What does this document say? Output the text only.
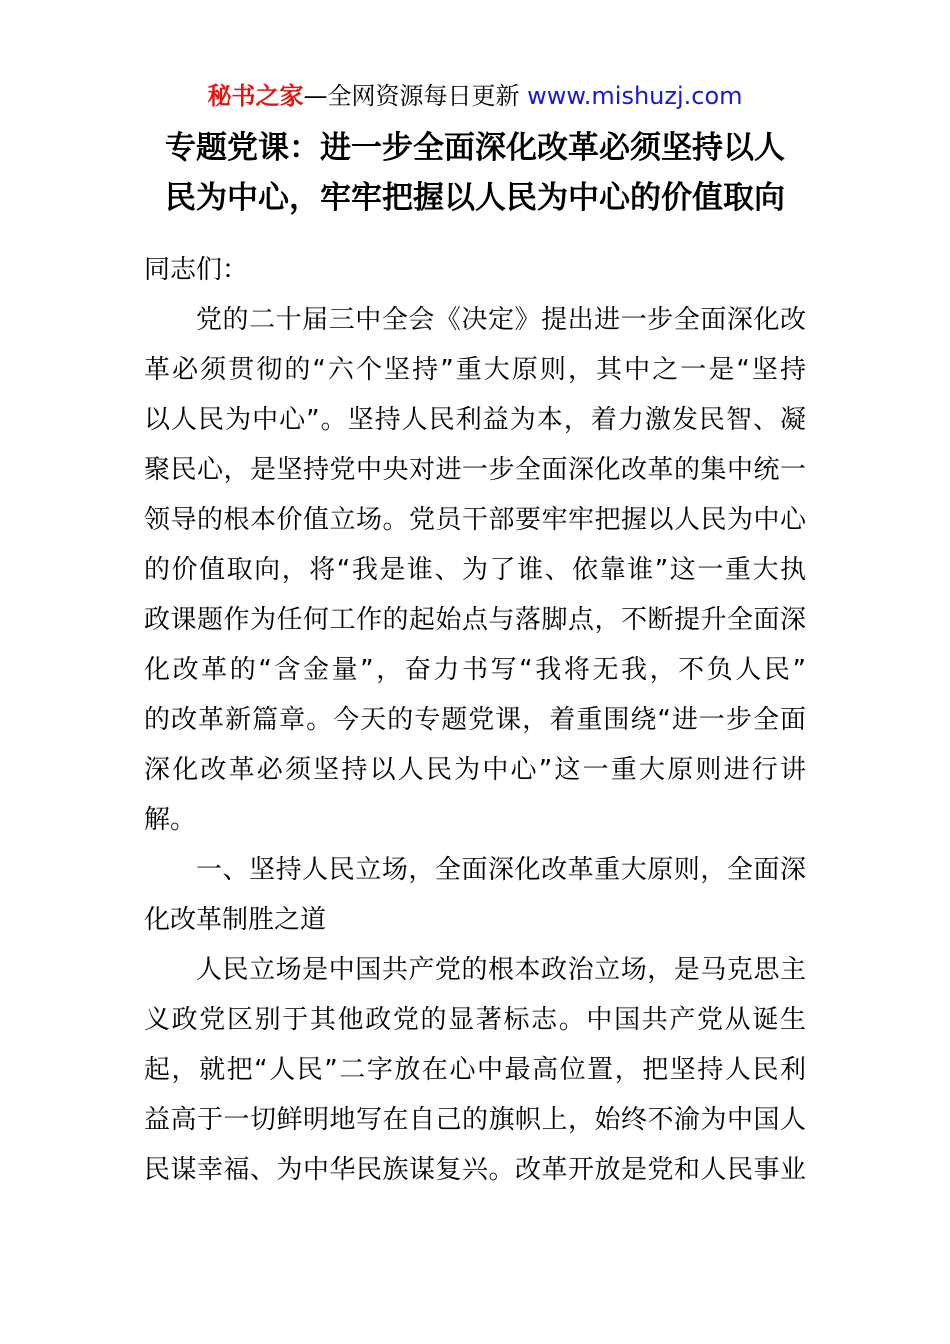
秘书之家—全网资源每日更新 www.mishuzj.com
专题党课：进一步全面深化改革必须坚持以人
民为中心，牢牢把握以人民为中心的价值取向
同志们：
党的二十届三中全会《决定》提出进一步全面深化改
革必须贯彻的“六个坚持”重大原则，其中之一是“坚持
以人民为中心”。坚持人民利益为本，着力激发民智、凝
聚民心，是坚持党中央对进一步全面深化改革的集中统一
领导的根本价值立场。党员干部要牢牢把握以人民为中心
的价值取向，将“我是谁、为了谁、依靠谁”这一重大执
政课题作为任何工作的起始点与落脚点，不断提升全面深
化改革的“含金量”，奋力书写“我将无我，不负人民”
的改革新篇章。今天的专题党课，着重围绕“进一步全面
深化改革必须坚持以人民为中心”这一重大原则进行讲
解。
一、坚持人民立场，全面深化改革重大原则，全面深
化改革制胜之道
人民立场是中国共产党的根本政治立场，是马克思主
义政党区别于其他政党的显著标志。中国共产党从诞生
起，就把“人民”二字放在心中最高位置，把坚持人民利
益高于一切鲜明地写在自己的旗帜上，始终不渝为中国人
民谋幸福、为中华民族谋复兴。改革开放是党和人民事业
